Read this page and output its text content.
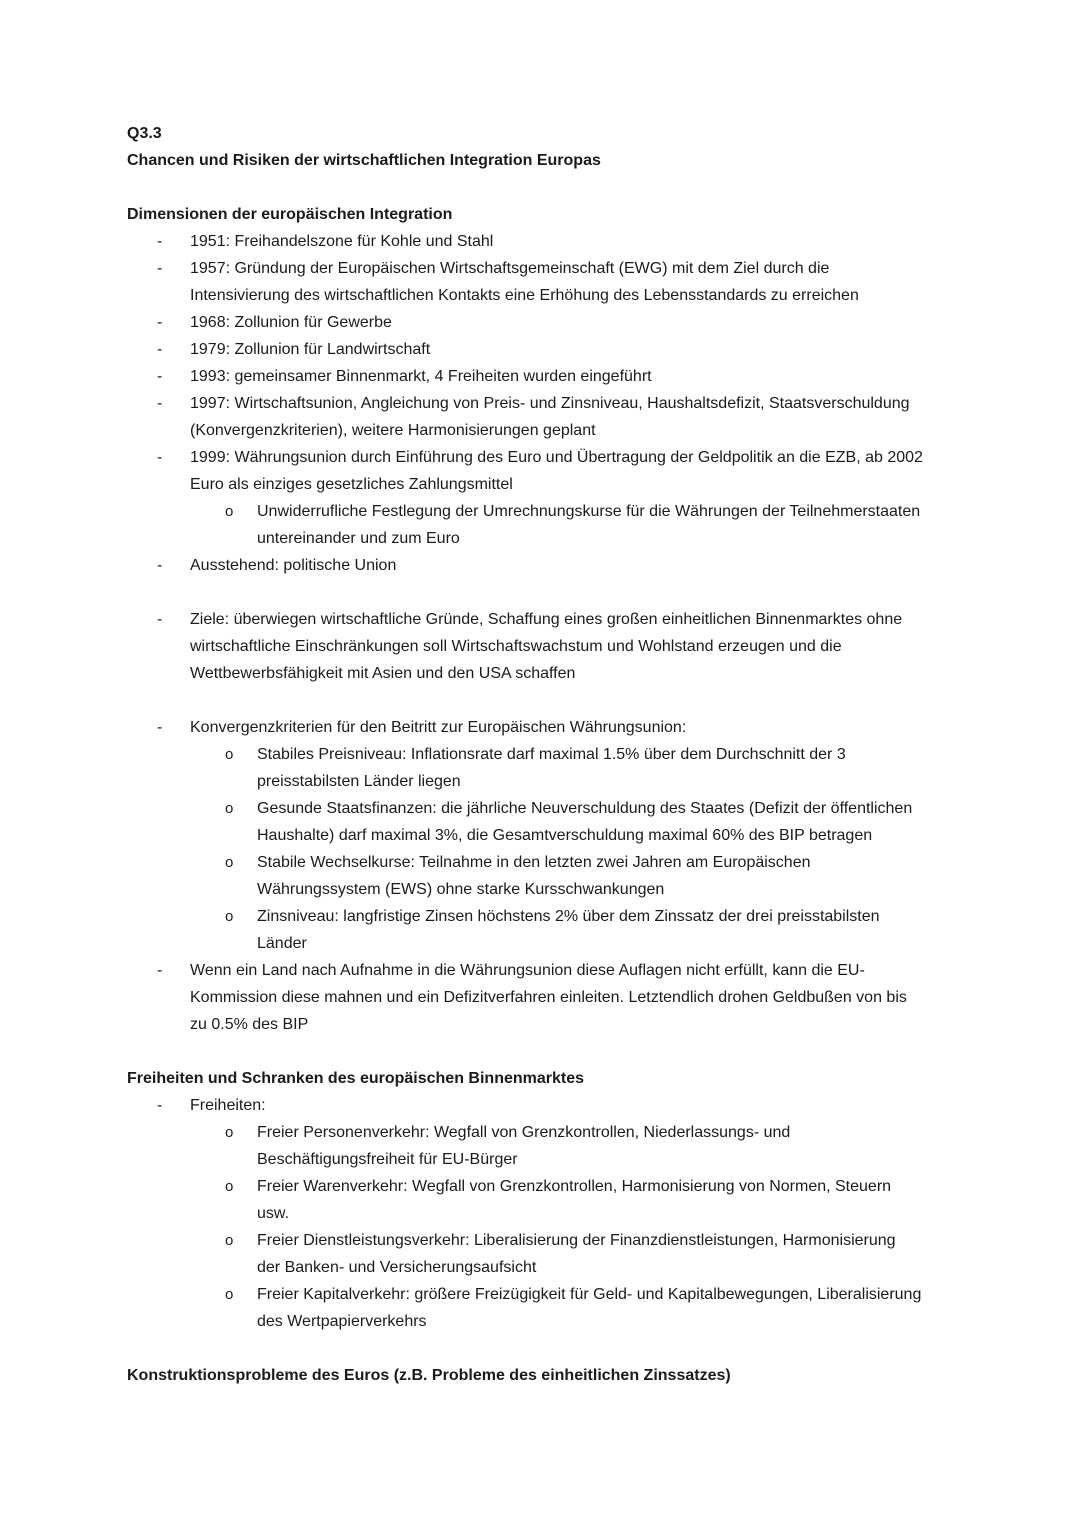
Q3.3
Chancen und Risiken der wirtschaftlichen Integration Europas
Dimensionen der europäischen Integration
-	1951: Freihandelszone für Kohle und Stahl
-	1957: Gründung der Europäischen Wirtschaftsgemeinschaft (EWG) mit dem Ziel durch die Intensivierung des wirtschaftlichen Kontakts eine Erhöhung des Lebensstandards zu erreichen
-	1968: Zollunion für Gewerbe
-	1979: Zollunion für Landwirtschaft
-	1993: gemeinsamer Binnenmarkt, 4 Freiheiten wurden eingeführt
-	1997: Wirtschaftsunion, Angleichung von Preis- und Zinsniveau, Haushaltsdefizit, Staatsverschuldung (Konvergenzkriterien), weitere Harmonisierungen geplant
-	1999: Währungsunion durch Einführung des Euro und Übertragung der Geldpolitik an die EZB, ab 2002 Euro als einziges gesetzliches Zahlungsmittel
o	Unwiderrufliche Festlegung der Umrechnungskurse für die Währungen der Teilnehmerstaaten untereinander und zum Euro
-	Ausstehend: politische Union
-	Ziele: überwiegen wirtschaftliche Gründe, Schaffung eines großen einheitlichen Binnenmarktes ohne wirtschaftliche Einschränkungen soll Wirtschaftswachstum und Wohlstand erzeugen und die Wettbewerbsfähigkeit mit Asien und den USA schaffen
-	Konvergenzkriterien für den Beitritt zur Europäischen Währungsunion:
o	Stabiles Preisniveau: Inflationsrate darf maximal 1.5% über dem Durchschnitt der 3 preisstabilsten Länder liegen
o	Gesunde Staatsfinanzen: die jährliche Neuverschuldung des Staates (Defizit der öffentlichen Haushalte) darf maximal 3%, die Gesamtverschuldung maximal 60% des BIP betragen
o	Stabile Wechselkurse: Teilnahme in den letzten zwei Jahren am Europäischen Währungssystem (EWS) ohne starke Kursschwankungen
o	Zinsniveau: langfristige Zinsen höchstens 2% über dem Zinssatz der drei preisstabilsten Länder
-	Wenn ein Land nach Aufnahme in die Währungsunion diese Auflagen nicht erfüllt, kann die EU-Kommission diese mahnen und ein Defizitverfahren einleiten. Letztendlich drohen Geldbußen von bis zu 0.5% des BIP
Freiheiten und Schranken des europäischen Binnenmarktes
-	Freiheiten:
o	Freier Personenverkehr: Wegfall von Grenzkontrollen, Niederlassungs- und Beschäftigungsfreiheit für EU-Bürger
o	Freier Warenverkehr: Wegfall von Grenzkontrollen, Harmonisierung von Normen, Steuern usw.
o	Freier Dienstleistungsverkehr: Liberalisierung der Finanzdienstleistungen, Harmonisierung der Banken- und Versicherungsaufsicht
o	Freier Kapitalverkehr: größere Freizügigkeit für Geld- und Kapitalbewegungen, Liberalisierung des Wertpapierverkehrs
Konstruktionsprobleme des Euros (z.B. Probleme des einheitlichen Zinssatzes)
